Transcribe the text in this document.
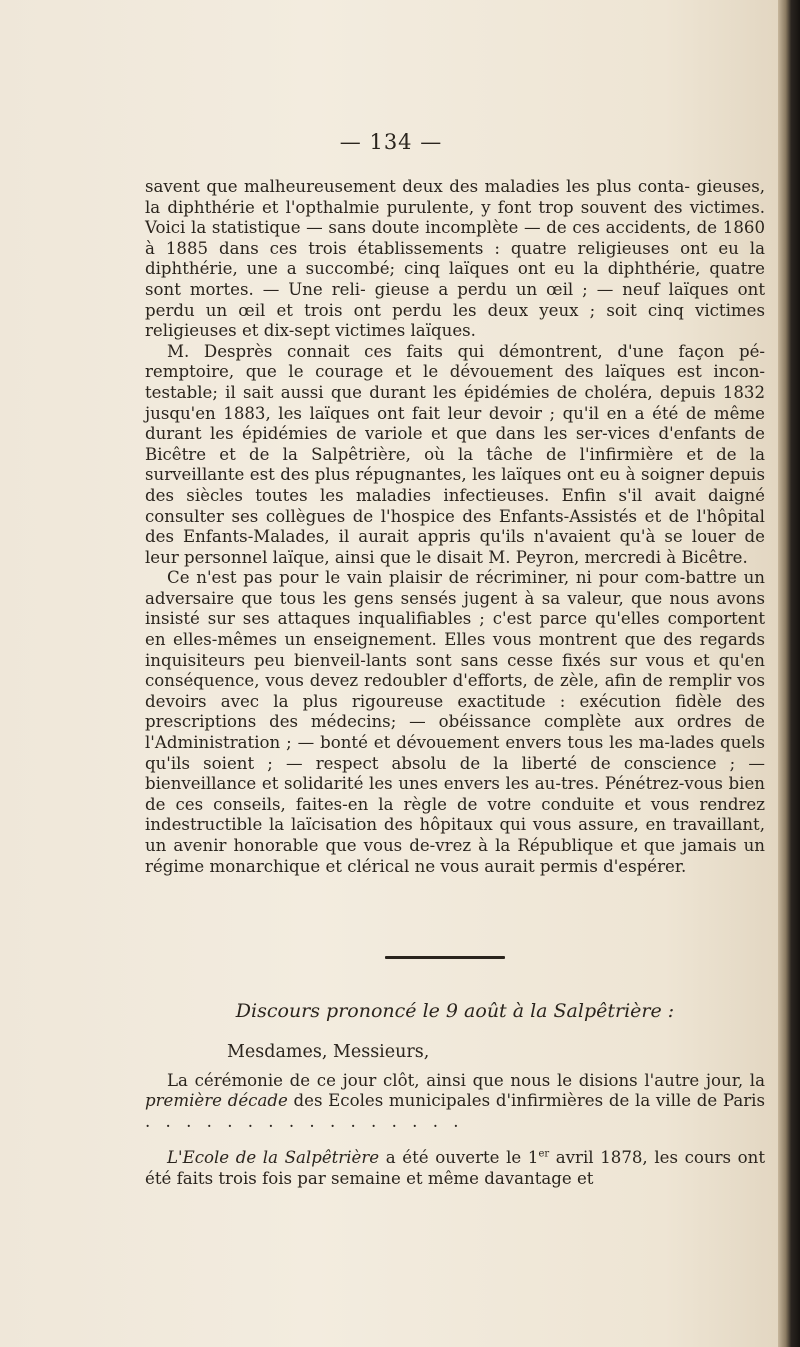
— 134 —

savent que malheureusement deux des maladies les plus conta- gieuses, la diphthérie et l'opthalmie purulente, y font trop souvent des victimes. Voici la statistique — sans doute incomplète — de ces accidents, de 1860 à 1885 dans ces trois établissements : quatre religieuses ont eu la diphthérie, une a succombé; cinq laïques ont eu la diphthérie, quatre sont mortes. — Une reli- gieuse a perdu un œil ; — neuf laïques ont perdu un œil et trois ont perdu les deux yeux ; soit cinq victimes religieuses et dix-sept victimes laïques.

M. Desprès connait ces faits qui démontrent, d'une façon pé-remptoire, que le courage et le dévouement des laïques est incon-testable; il sait aussi que durant les épidémies de choléra, depuis 1832 jusqu'en 1883, les laïques ont fait leur devoir ; qu'il en a été de même durant les épidémies de variole et que dans les ser-vices d'enfants de Bicêtre et de la Salpêtrière, où la tâche de l'infirmière et de la surveillante est des plus répugnantes, les laïques ont eu à soigner depuis des siècles toutes les maladies infectieuses. Enfin s'il avait daigné consulter ses collègues de l'hospice des Enfants-Assistés et de l'hôpital des Enfants-Malades, il aurait appris qu'ils n'avaient qu'à se louer de leur personnel laïque, ainsi que le disait M. Peyron, mercredi à Bicêtre.

Ce n'est pas pour le vain plaisir de récriminer, ni pour com-battre un adversaire que tous les gens sensés jugent à sa valeur, que nous avons insisté sur ses attaques inqualifiables ; c'est parce qu'elles comportent en elles-mêmes un enseignement. Elles vous montrent que des regards inquisiteurs peu bienveil-lants sont sans cesse fixés sur vous et qu'en conséquence, vous devez redoubler d'efforts, de zèle, afin de remplir vos devoirs avec la plus rigoureuse exactitude : exécution fidèle des prescriptions des médecins; — obéissance complète aux ordres de l'Administration ; — bonté et dévouement envers tous les ma-lades quels qu'ils soient ; — respect absolu de la liberté de conscience ; — bienveillance et solidarité les unes envers les au-tres. Pénétrez-vous bien de ces conseils, faites-en la règle de votre conduite et vous rendrez indestructible la laïcisation des hôpitaux qui vous assure, en travaillant, un avenir honorable que vous de-vrez à la République et que jamais un régime monarchique et clérical ne vous aurait permis d'espérer.

Discours prononcé le 9 août à la Salpêtrière :

Mesdames, Messieurs,

La cérémonie de ce jour clôt, ainsi que nous le disions l'autre jour, la première décade des Ecoles municipales d'infirmières de la ville de Paris . . . . . . . . . . . . . . . .

L'Ecole de la Salpêtrière a été ouverte le 1er avril 1878, les cours ont été faits trois fois par semaine et même davantage et
